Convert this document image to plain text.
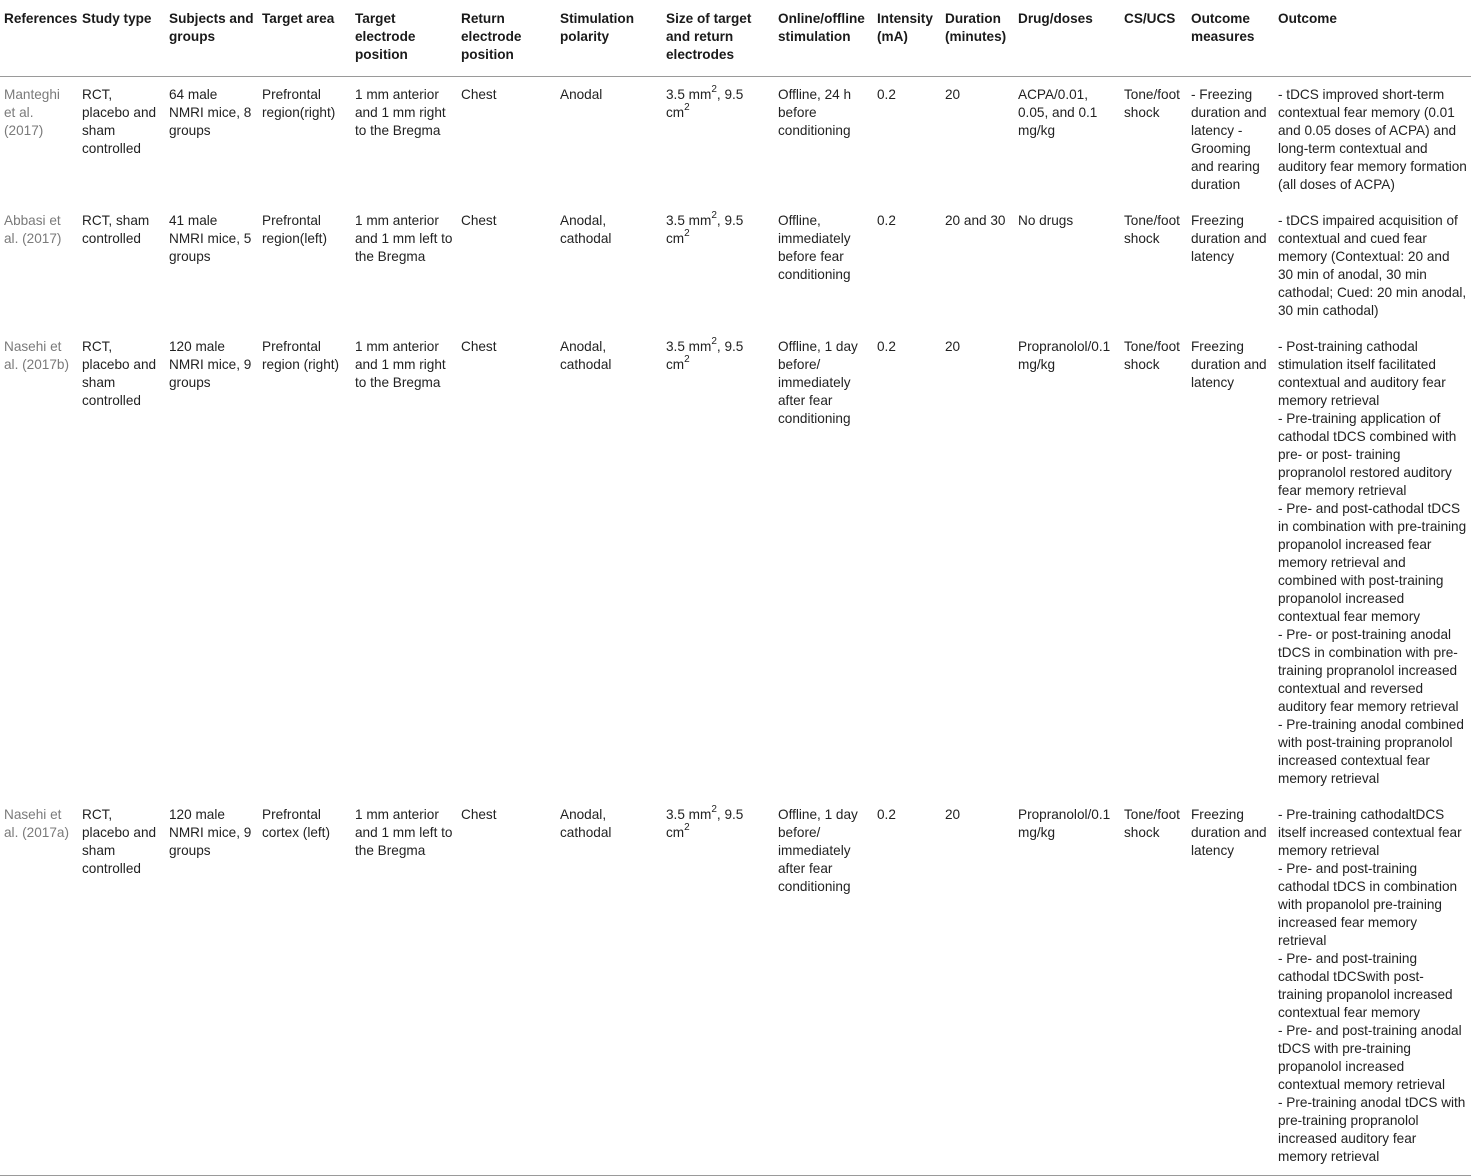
References	Study type	Subjects and groups	Target area	Target electrode position	Return electrode position	Stimulation polarity	Size of target and return electrodes	Online/offline stimulation	Intensity (mA)	Duration (minutes)	Drug/doses	CS/UCS	Outcome measures	Outcome
Manteghi et al. (2017)	RCT, placebo and sham controlled	64 male NMRI mice, 8 groups	Prefrontal region(right)	1 mm anterior and 1 mm right to the Bregma	Chest	Anodal	3.5 $mm^2$, 9.5 $cm^2$	Offline, 24 h before conditioning	0.2	20	ACPA/0.01, 0.05, and 0.1 mg/kg	Tone/foot shock	- Freezing duration and latency - Grooming and rearing duration	- tDCS improved short-term contextual fear memory (0.01 and 0.05 doses of ACPA) and long-term contextual and auditory fear memory formation (all doses of ACPA)

Abbasi et al. (2017)	RCT, sham controlled	41 male NMRI mice, 5 groups	Prefrontal region(left)	1 mm anterior and 1 mm left to the Bregma	Chest	Anodal, cathodal	3.5 $mm^2$, 9.5 $cm^2$	Offline, immediately before fear conditioning	0.2	20 and 30	No drugs	Tone/foot shock	Freezing duration and latency	- tDCS impaired acquisition of contextual and cued fear memory (Contextual: 20 and 30 min of anodal, 30 min cathodal; Cued: 20 min anodal, 30 min cathodal)

Nasehi et al. (2017b)	RCT, placebo and sham controlled	120 male NMRI mice, 9 groups	Prefrontal region (right)	1 mm anterior and 1 mm right to the Bregma	Chest	Anodal, cathodal	3.5 $mm^2$, 9.5 $cm^2$	Offline, 1 day before/ immediately after fear conditioning	0.2	20	Propranolol/0.1 mg/kg	Tone/foot shock	Freezing duration and latency	- Post-training cathodal stimulation itself facilitated contextual and auditory fear memory retrieval
- Pre-training application of cathodal tDCS combined with pre- or post- training propranolol restored auditory fear memory retrieval
- Pre- and post-cathodal tDCS in combination with pre-training propanolol increased fear memory retrieval and combined with post-training propanolol increased contextual fear memory
- Pre- or post-training anodal tDCS in combination with pre-training propranolol increased contextual and reversed auditory fear memory retrieval
- Pre-training anodal combined with post-training propranolol increased contextual fear memory retrieval

Nasehi et al. (2017a)	RCT, placebo and sham controlled	120 male NMRI mice, 9 groups	Prefrontal cortex (left)	1 mm anterior and 1 mm left to the Bregma	Chest	Anodal, cathodal	3.5 $mm^2$, 9.5 $cm^2$	Offline, 1 day before/ immediately after fear conditioning	0.2	20	Propranolol/0.1 mg/kg	Tone/foot shock	Freezing duration and latency	- Pre-training cathodaltDCS itself increased contextual fear memory retrieval
- Pre- and post-training cathodal tDCS in combination with propanolol pre-training increased fear memory retrieval
- Pre- and post-training cathodal tDCSwith post-training propanolol increased contextual fear memory
- Pre- and post-training anodal tDCS with pre-training propanolol increased contextual memory retrieval
- Pre-training anodal tDCS with pre-training propranolol increased auditory fear memory retrieval
